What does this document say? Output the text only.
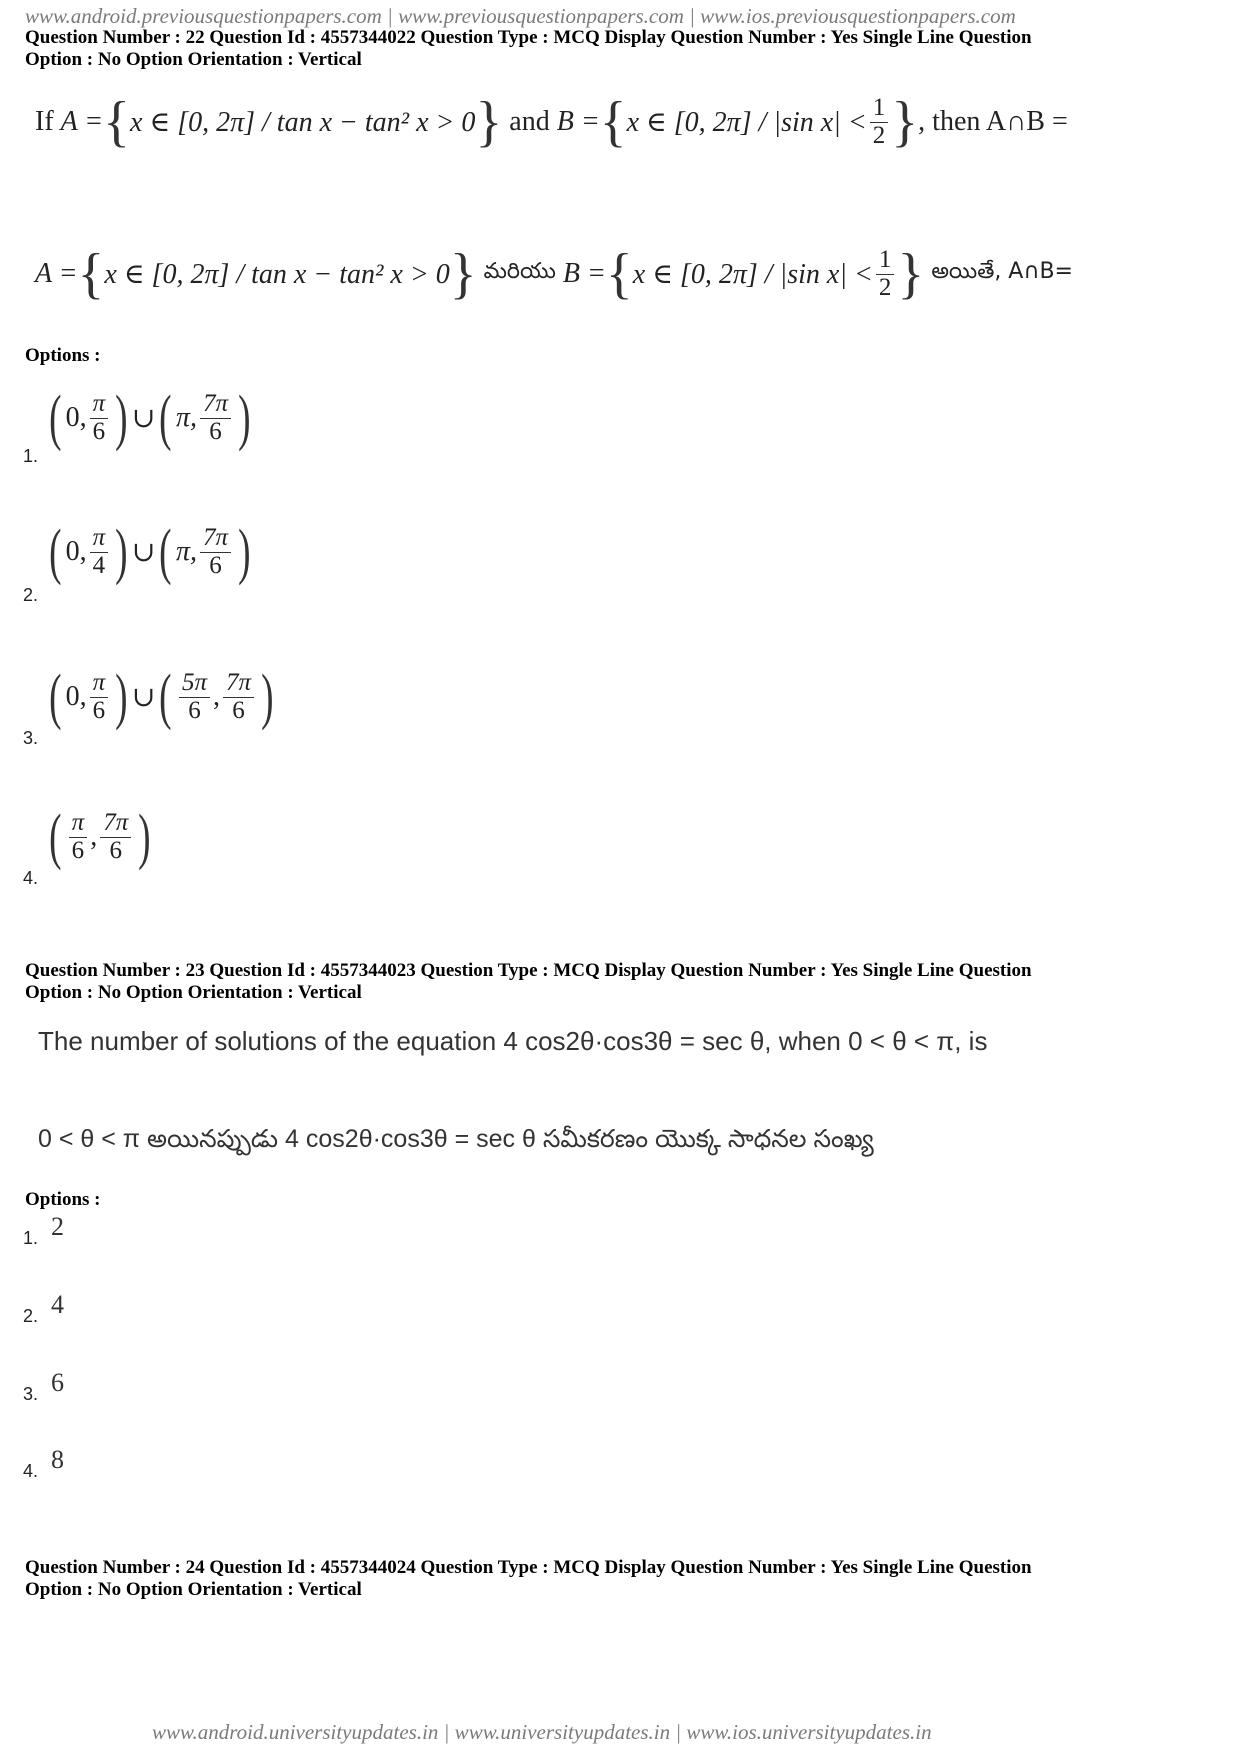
www.android.previousquestionpapers.com | www.previousquestionpapers.com | www.ios.previousquestionpapers.com
Question Number : 22 Question Id : 4557344022 Question Type : MCQ Display Question Number : Yes Single Line Question
Option : No Option Orientation : Vertical
If
A = { x ∈ [0, 2π] / tan x − tan² x > 0 }
and
B = { x ∈ [0, 2π] / |sin $x| < \frac{1}{2}$ } , then A∩B =
A = { x ∈ [0, 2π] / tan x − tan² x > 0 }
మరియు
B = { x ∈ [0, 2π] / |sin $x| < \frac{1}{2}$ }
అయితే, A∩B=
Options :
1.
( 0, $\frac{\pi}{6}$ ) ∪ ( π, $\frac{7\pi}{6}$ )
2.
( 0, $\frac{\pi}{4}$ ) ∪ ( π, $\frac{7\pi}{6}$ )
3.
( 0, $\frac{\pi}{6}$ ) ∪ ( $\frac{5\pi}{6}$ , $\frac{7\pi}{6}$ )
4.
( $\frac{\pi}{6}$ , $\frac{7\pi}{6}$ )
Question Number : 23 Question Id : 4557344023 Question Type : MCQ Display Question Number : Yes Single Line Question
Option : No Option Orientation : Vertical
The number of solutions of the equation 4 cos2θ·cos3θ = sec θ, when 0 < θ < π, is
0 < θ < π అయినప్పుడు 4 cos2θ·cos3θ = sec θ సమీకరణం యొక్క సాధనల సంఖ్య
Options :
1. 2
2. 4
3. 6
4. 8
Question Number : 24 Question Id : 4557344024 Question Type : MCQ Display Question Number : Yes Single Line Question
Option : No Option Orientation : Vertical
www.android.universityupdates.in | www.universityupdates.in | www.ios.universityupdates.in
